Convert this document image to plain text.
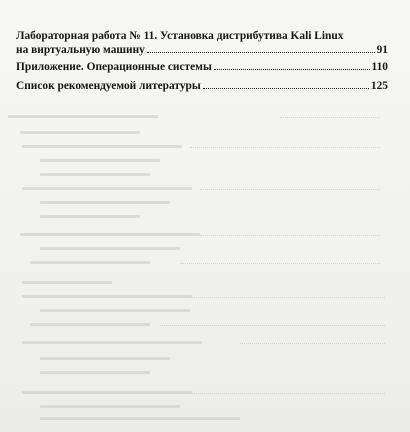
Лабораторная работа № 11. Установка дистрибутива Kali Linux
на виртуальную машину	91
Приложение. Операционные системы	110
Список рекомендуемой литературы	125
